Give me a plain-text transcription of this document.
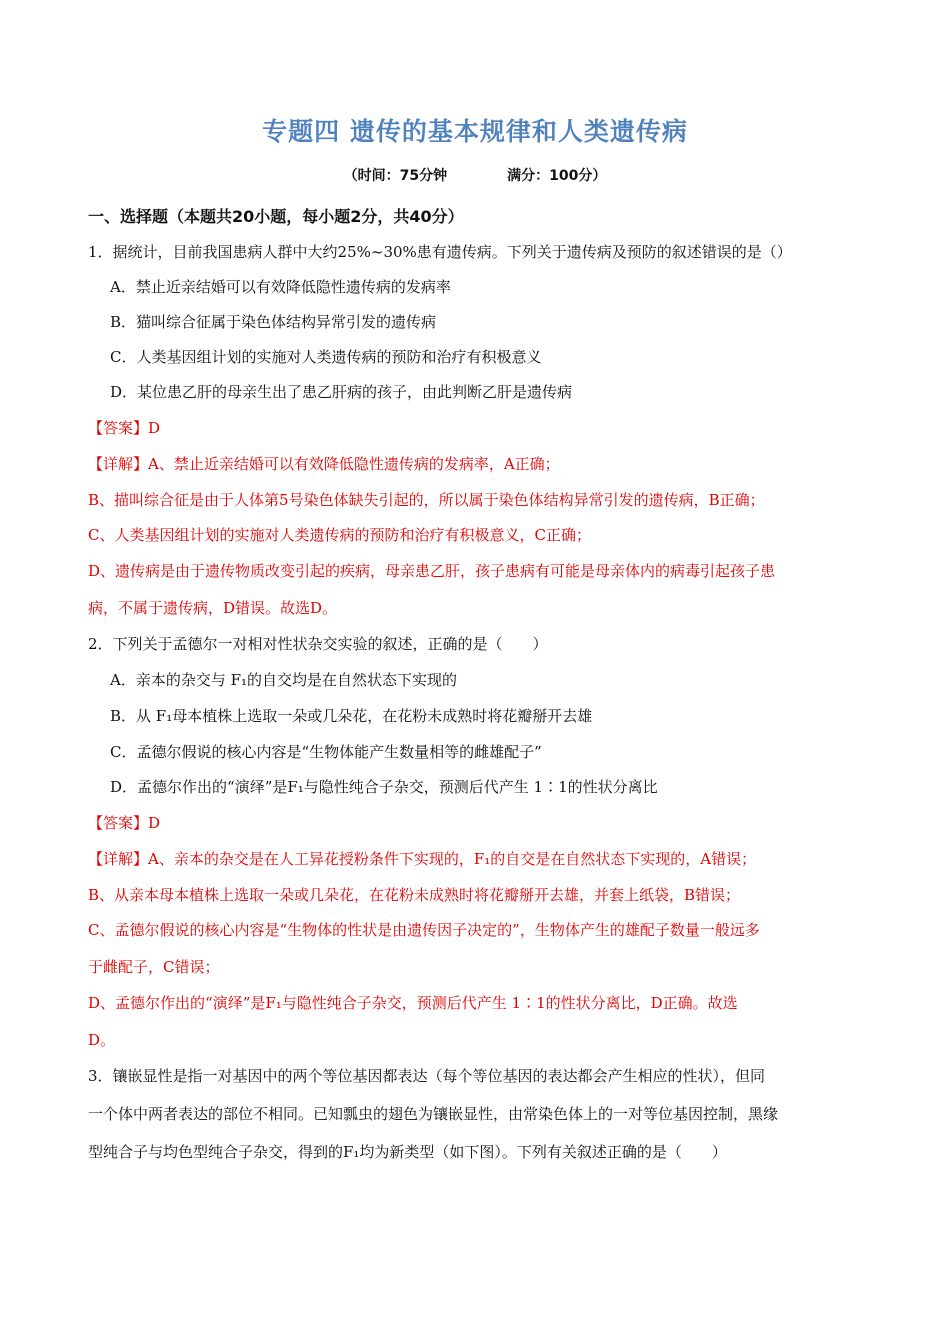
专题四 遗传的基本规律和人类遗传病
（时间：75分钟	满分：100分）
一、选择题（本题共20小题，每小题2分，共40分）
1．据统计，目前我国患病人群中大约25%~30%患有遗传病。下列关于遗传病及预防的叙述错误的是（）
A．禁止近亲结婚可以有效降低隐性遗传病的发病率
B．猫叫综合征属于染色体结构异常引发的遗传病
C．人类基因组计划的实施对人类遗传病的预防和治疗有积极意义
D．某位患乙肝的母亲生出了患乙肝病的孩子，由此判断乙肝是遗传病
【答案】D
【详解】A、禁止近亲结婚可以有效降低隐性遗传病的发病率，A正确；
B、描叫综合征是由于人体第5号染色体缺失引起的，所以属于染色体结构异常引发的遗传病，B正确；
C、人类基因组计划的实施对人类遗传病的预防和治疗有积极意义，C正确；
D、遗传病是由于遗传物质改变引起的疾病，母亲患乙肝，孩子患病有可能是母亲体内的病毒引起孩子患
病，不属于遗传病，D错误。故选D。
2．下列关于孟德尔一对相对性状杂交实验的叙述，正确的是（　　）
A．亲本的杂交与 F₁的自交均是在自然状态下实现的
B．从 F₁母本植株上选取一朵或几朵花，在花粉未成熟时将花瓣掰开去雄
C．孟德尔假说的核心内容是“生物体能产生数量相等的雌雄配子”
D．孟德尔作出的“演绎”是F₁与隐性纯合子杂交，预测后代产生 1∶1的性状分离比
【答案】D
【详解】A、亲本的杂交是在人工异花授粉条件下实现的，F₁的自交是在自然状态下实现的，A错误；
B、从亲本母本植株上选取一朵或几朵花，在花粉未成熟时将花瓣掰开去雄，并套上纸袋，B错误；
C、孟德尔假说的核心内容是“生物体的性状是由遗传因子决定的”，生物体产生的雄配子数量一般远多
于雌配子，C错误；
D、孟德尔作出的“演绎”是F₁与隐性纯合子杂交，预测后代产生 1∶1的性状分离比，D正确。故选
D。
3．镶嵌显性是指一对基因中的两个等位基因都表达（每个等位基因的表达都会产生相应的性状），但同
一个体中两者表达的部位不相同。已知瓢虫的翅色为镶嵌显性，由常染色体上的一对等位基因控制，黑缘
型纯合子与均色型纯合子杂交，得到的F₁均为新类型（如下图）。下列有关叙述正确的是（　　）
